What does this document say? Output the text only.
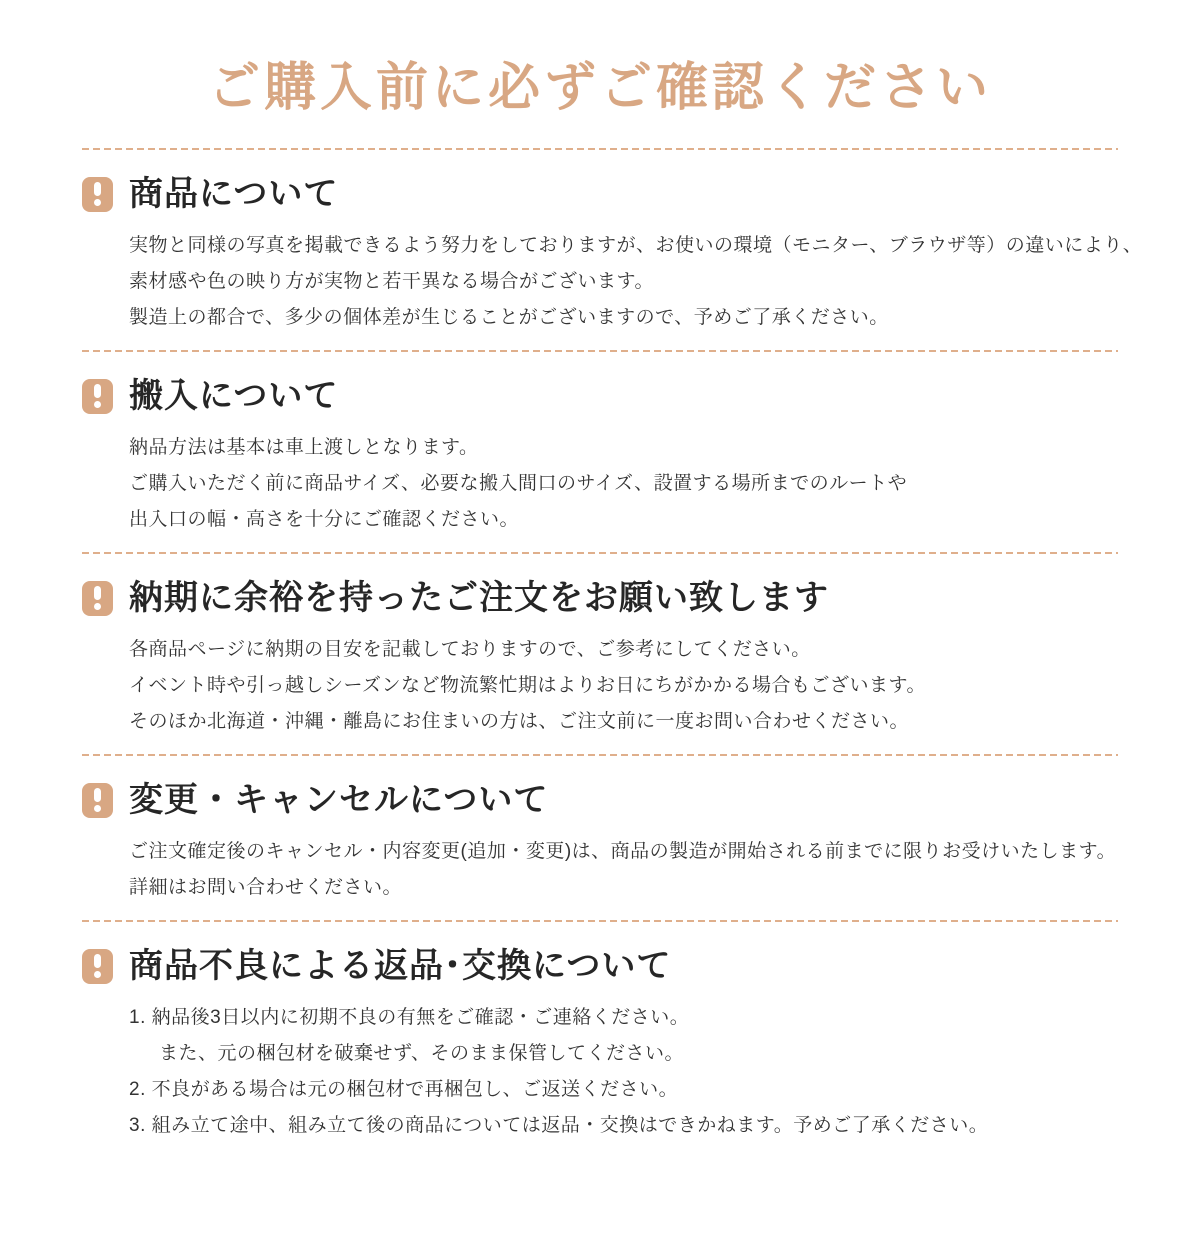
ご購入前に必ずご確認ください
商品について

実物と同様の写真を掲載できるよう努力をしておりますが、お使いの環境（モニター、ブラウザ等）の違いにより、

素材感や色の映り方が実物と若干異なる場合がございます。

製造上の都合で、多少の個体差が生じることがございますので、予めご了承ください。

搬入について

納品方法は基本は車上渡しとなります。

ご購入いただく前に商品サイズ、必要な搬入間口のサイズ、設置する場所までのルートや

出入口の幅・高さを十分にご確認ください。

納期に余裕を持ったご注文をお願い致します

各商品ページに納期の目安を記載しておりますので、ご参考にしてください。

イベント時や引っ越しシーズンなど物流繁忙期はよりお日にちがかかる場合もございます。

そのほか北海道・沖縄・離島にお住まいの方は、ご注文前に一度お問い合わせください。

変更・キャンセルについて

ご注文確定後のキャンセル・内容変更(追加・変更)は、商品の製造が開始される前までに限りお受けいたします。

詳細はお問い合わせください。

商品不良による返品･交換について

1. 納品後3日以内に初期不良の有無をご確認・ご連絡ください。

また、元の梱包材を破棄せず、そのまま保管してください。

2. 不良がある場合は元の梱包材で再梱包し、ご返送ください。

3. 組み立て途中、組み立て後の商品については返品・交換はできかねます。予めご了承ください。
